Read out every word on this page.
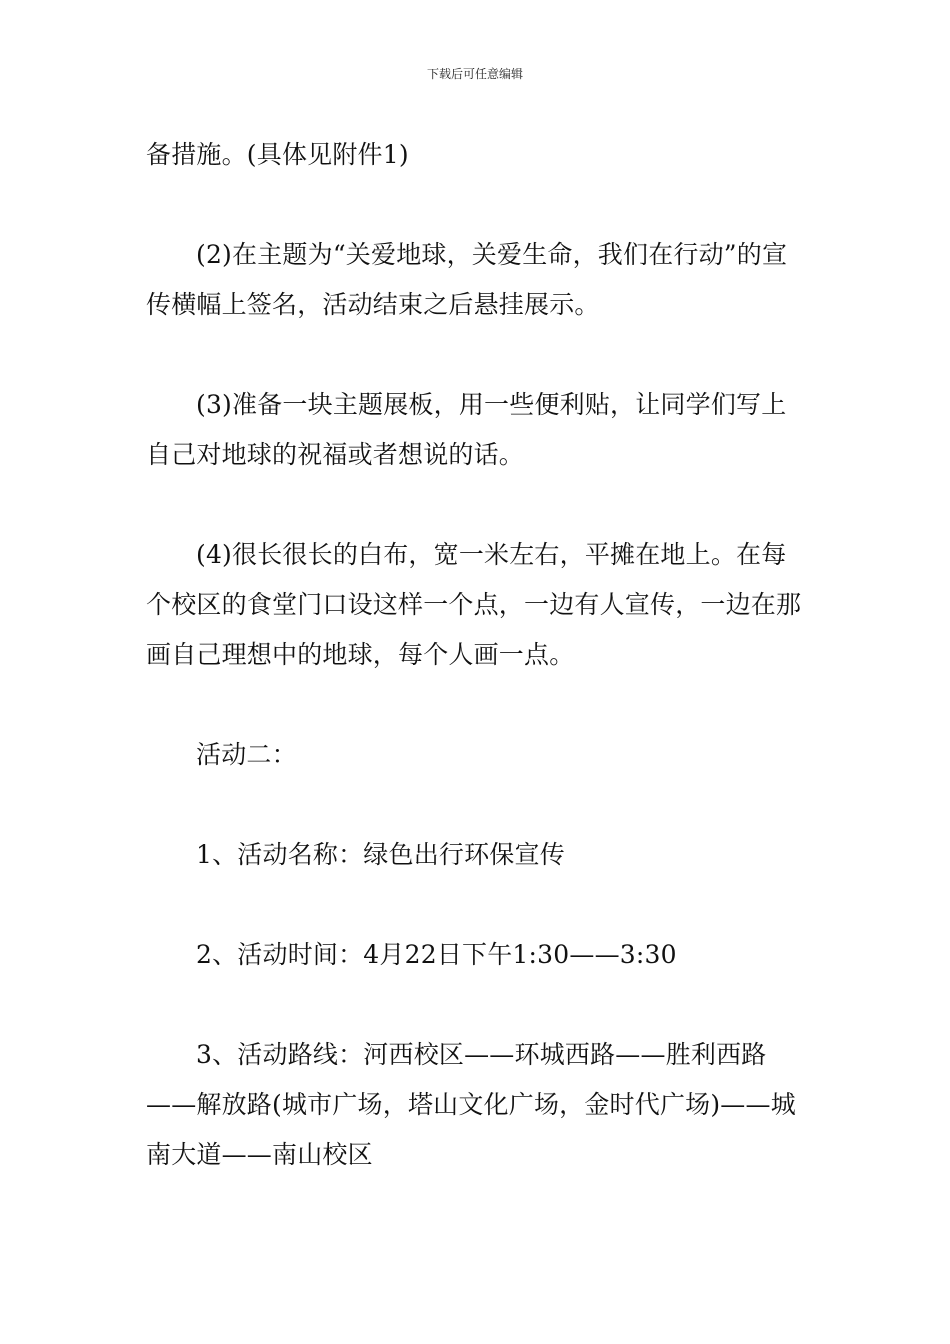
下载后可任意编辑

备措施。(具体见附件1)

(2)在主题为“关爱地球，关爱生命，我们在行动”的宣传横幅上签名，活动结束之后悬挂展示。

(3)准备一块主题展板，用一些便利贴，让同学们写上自己对地球的祝福或者想说的话。

(4)很长很长的白布，宽一米左右，平摊在地上。在每个校区的食堂门口设这样一个点，一边有人宣传，一边在那画自己理想中的地球，每个人画一点。

活动二：

1、活动名称：绿色出行环保宣传

2、活动时间：4月22日下午1:30——3:30

3、活动路线：河西校区——环城西路——胜利西路——解放路(城市广场，塔山文化广场，金时代广场)——城南大道——南山校区
